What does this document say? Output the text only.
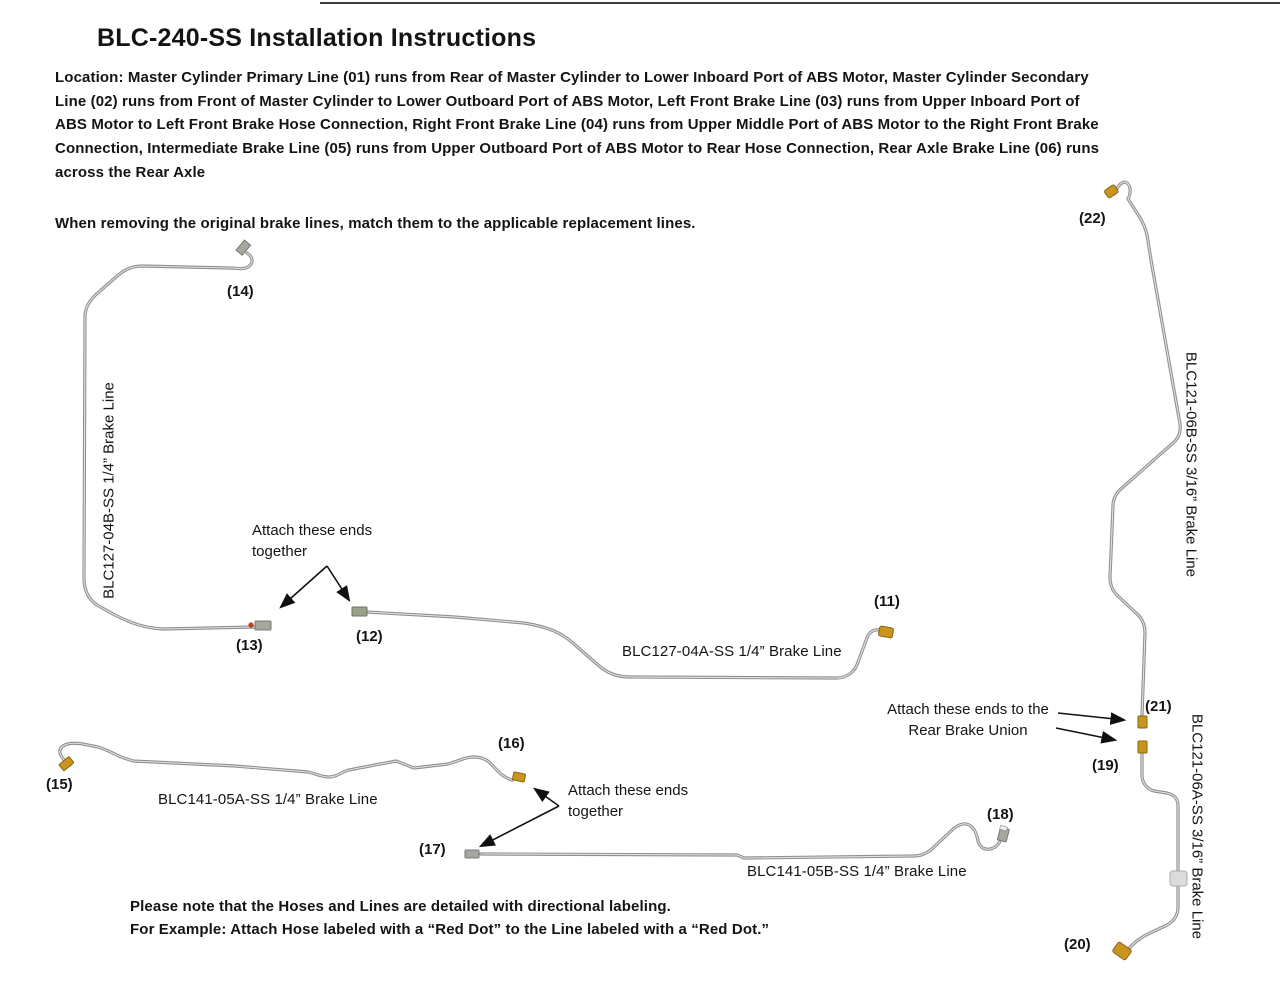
BLC-240-SS Installation Instructions
Location: Master Cylinder Primary Line (01) runs from Rear of Master Cylinder to Lower Inboard Port of ABS Motor, Master Cylinder Secondary
Line (02) runs from Front of Master Cylinder to Lower Outboard Port of ABS Motor, Left Front Brake Line (03) runs from Upper Inboard Port of
ABS Motor to Left Front Brake Hose Connection, Right Front Brake Line (04) runs from Upper Middle Port of ABS Motor to the Right Front Brake
Connection, Intermediate Brake Line (05) runs from Upper Outboard Port of ABS Motor to Rear Hose Connection, Rear Axle Brake Line (06) runs
across the Rear Axle
When removing the original brake lines, match them to the applicable replacement lines.
(14)
(13)
(12)
(11)
(22)
(21)
(19)
(20)
(15)
(16)
(17)
(18)
BLC127-04B-SS 1/4” Brake Line
BLC127-04A-SS 1/4” Brake Line
BLC141-05A-SS 1/4” Brake Line
BLC141-05B-SS 1/4” Brake Line
BLC121-06B-SS 3/16” Brake Line
BLC121-06A-SS 3/16” Brake Line
Attach these ends
together
Attach these ends
together
Attach these ends to the
Rear Brake Union
Please note that the Hoses and Lines are detailed with directional labeling.
For Example: Attach Hose labeled with a “Red Dot” to the Line labeled with a “Red Dot.”
